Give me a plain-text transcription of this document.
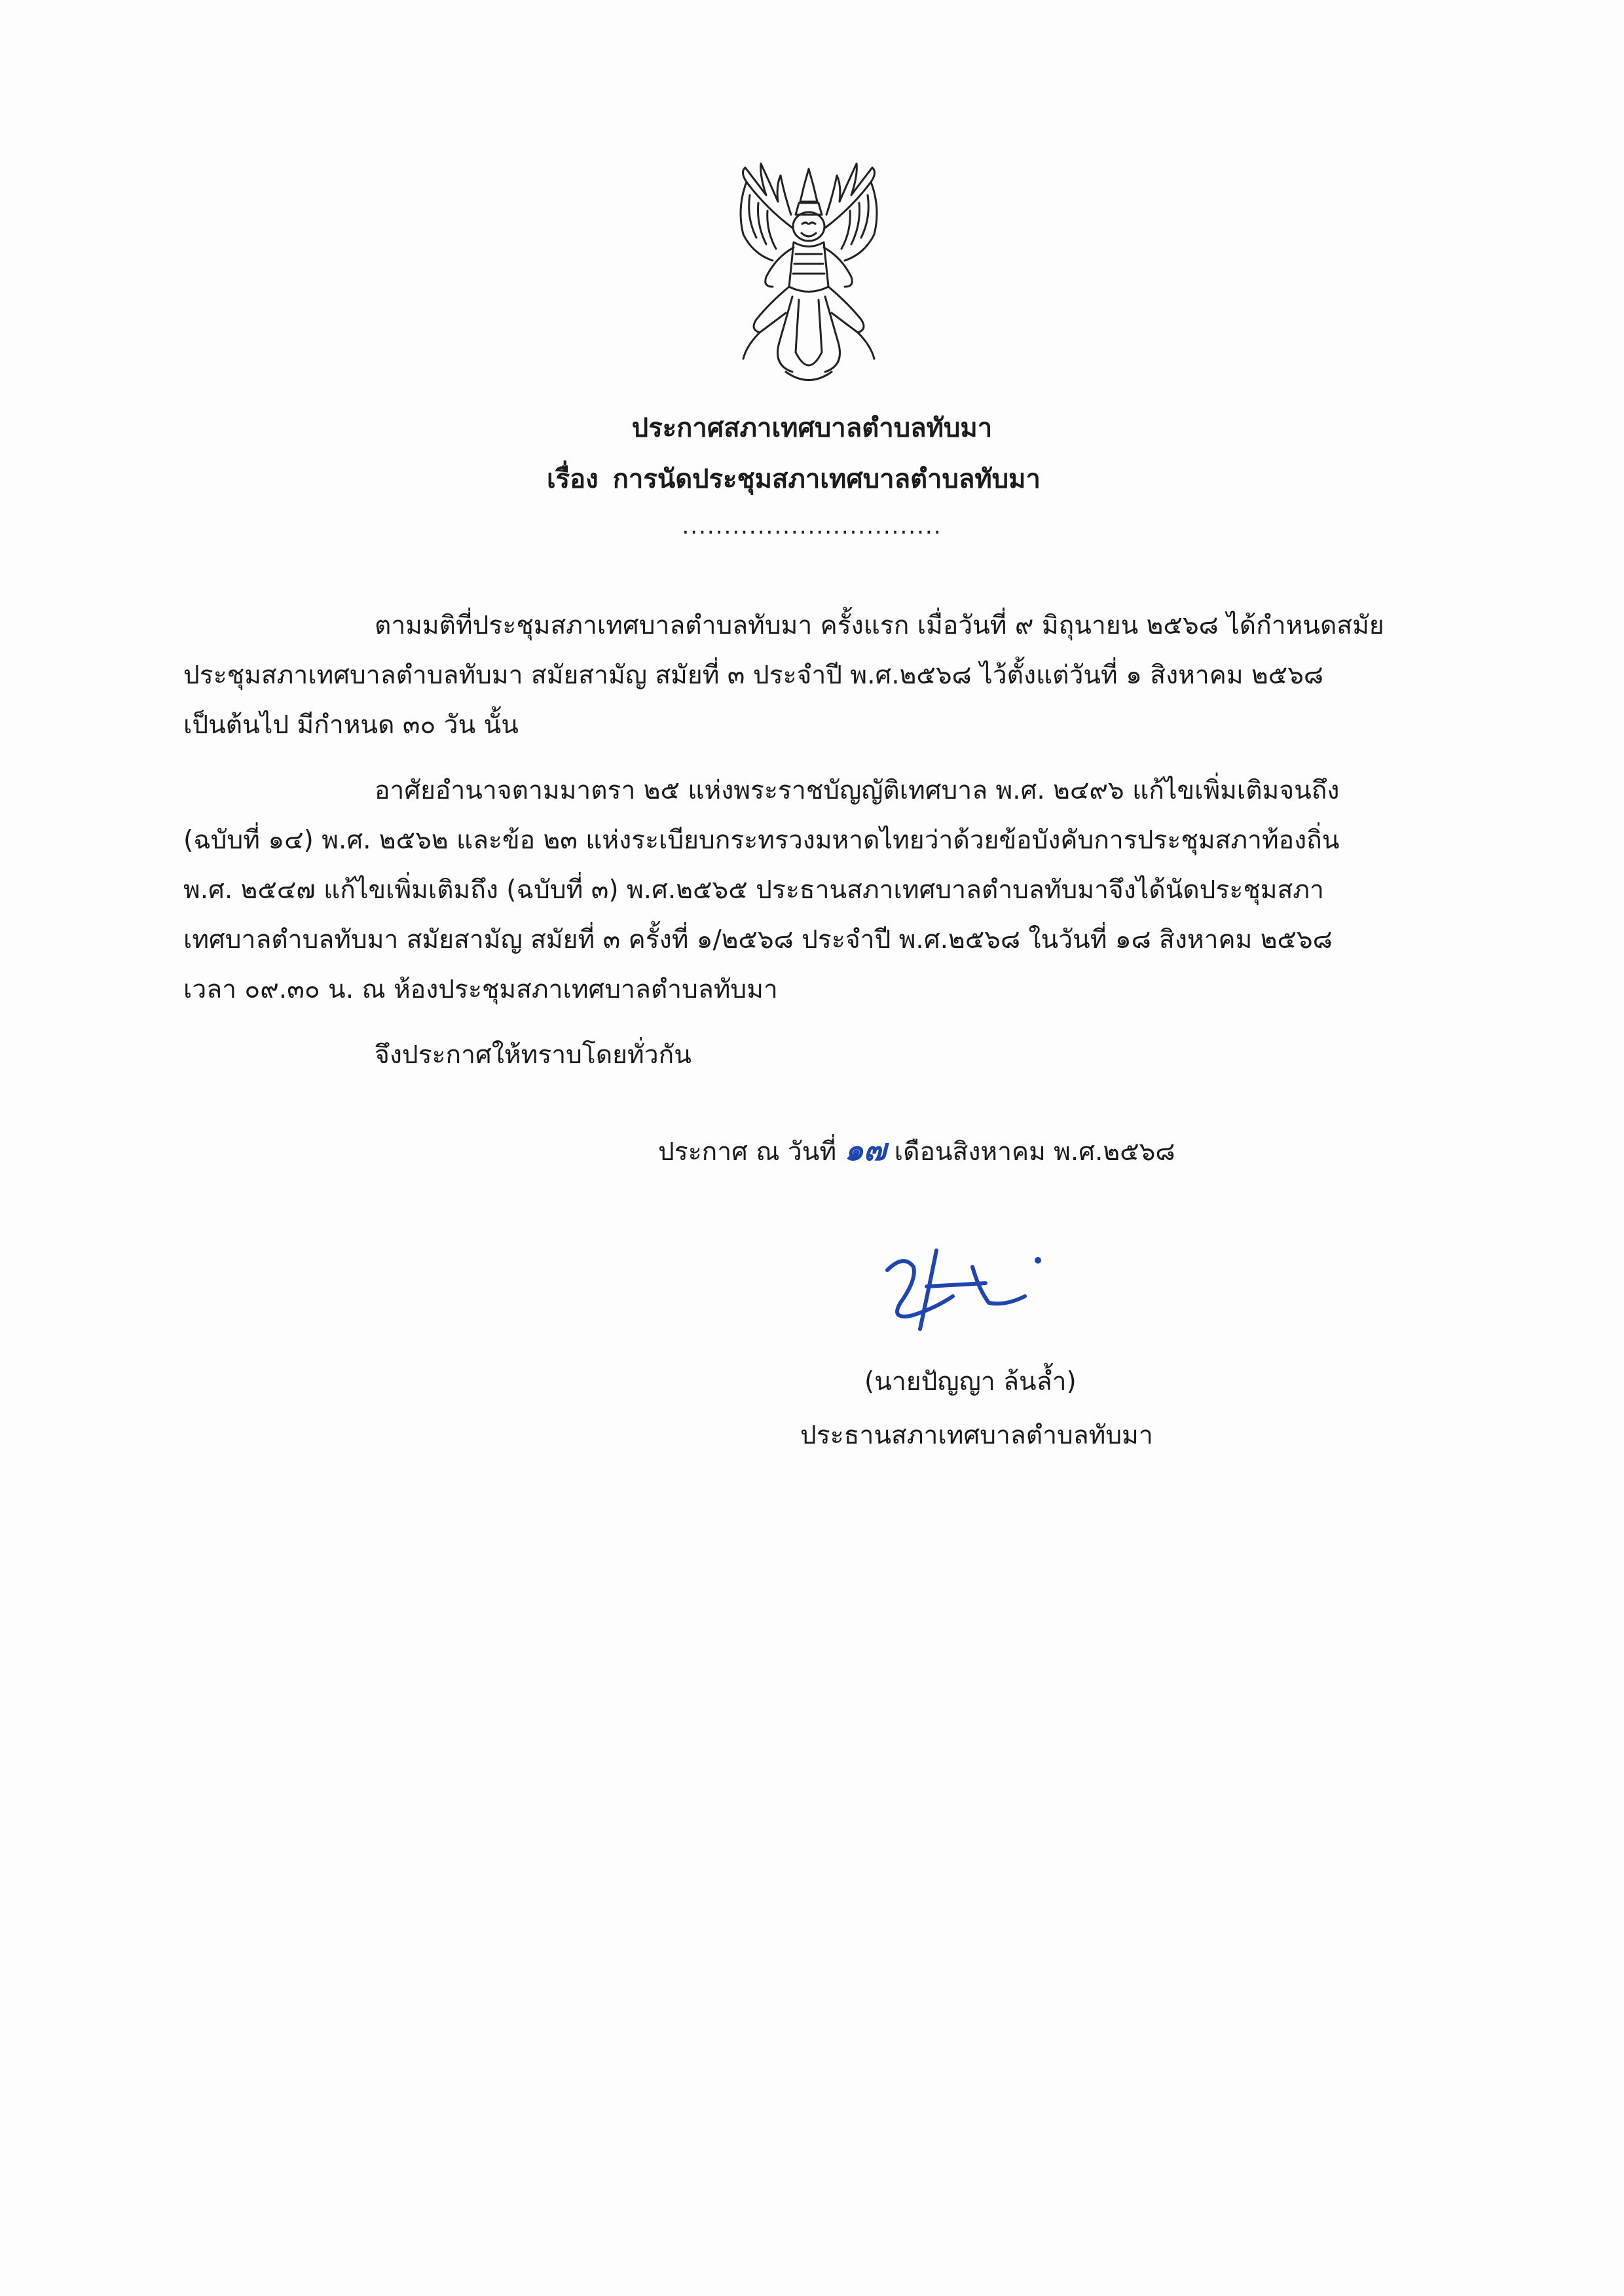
ประกาศสภาเทศบาลตำบลทับมา
เรื่อง การนัดประชุมสภาเทศบาลตำบลทับมา
...............................
ตามมติที่ประชุมสภาเทศบาลตำบลทับมา ครั้งแรก เมื่อวันที่ ๙ มิถุนายน ๒๕๖๘ ได้กำหนดสมัย
ประชุมสภาเทศบาลตำบลทับมา สมัยสามัญ สมัยที่ ๓ ประจำปี พ.ศ.๒๕๖๘ ไว้ตั้งแต่วันที่ ๑ สิงหาคม ๒๕๖๘
เป็นต้นไป มีกำหนด ๓๐ วัน นั้น
อาศัยอำนาจตามมาตรา ๒๕ แห่งพระราชบัญญัติเทศบาล พ.ศ. ๒๔๙๖ แก้ไขเพิ่มเติมจนถึง
(ฉบับที่ ๑๔) พ.ศ. ๒๕๖๒ และข้อ ๒๓ แห่งระเบียบกระทรวงมหาดไทยว่าด้วยข้อบังคับการประชุมสภาท้องถิ่น
พ.ศ. ๒๕๔๗ แก้ไขเพิ่มเติมถึง (ฉบับที่ ๓) พ.ศ.๒๕๖๕ ประธานสภาเทศบาลตำบลทับมาจึงได้นัดประชุมสภา
เทศบาลตำบลทับมา สมัยสามัญ สมัยที่ ๓ ครั้งที่ ๑/๒๕๖๘ ประจำปี พ.ศ.๒๕๖๘ ในวันที่ ๑๘ สิงหาคม ๒๕๖๘
เวลา ๐๙.๓๐ น. ณ ห้องประชุมสภาเทศบาลตำบลทับมา
จึงประกาศให้ทราบโดยทั่วกัน
ประกาศ ณ วันที่ ๑๗ เดือนสิงหาคม พ.ศ.๒๕๖๘
(นายปัญญา ล้นล้ำ)
ประธานสภาเทศบาลตำบลทับมา
